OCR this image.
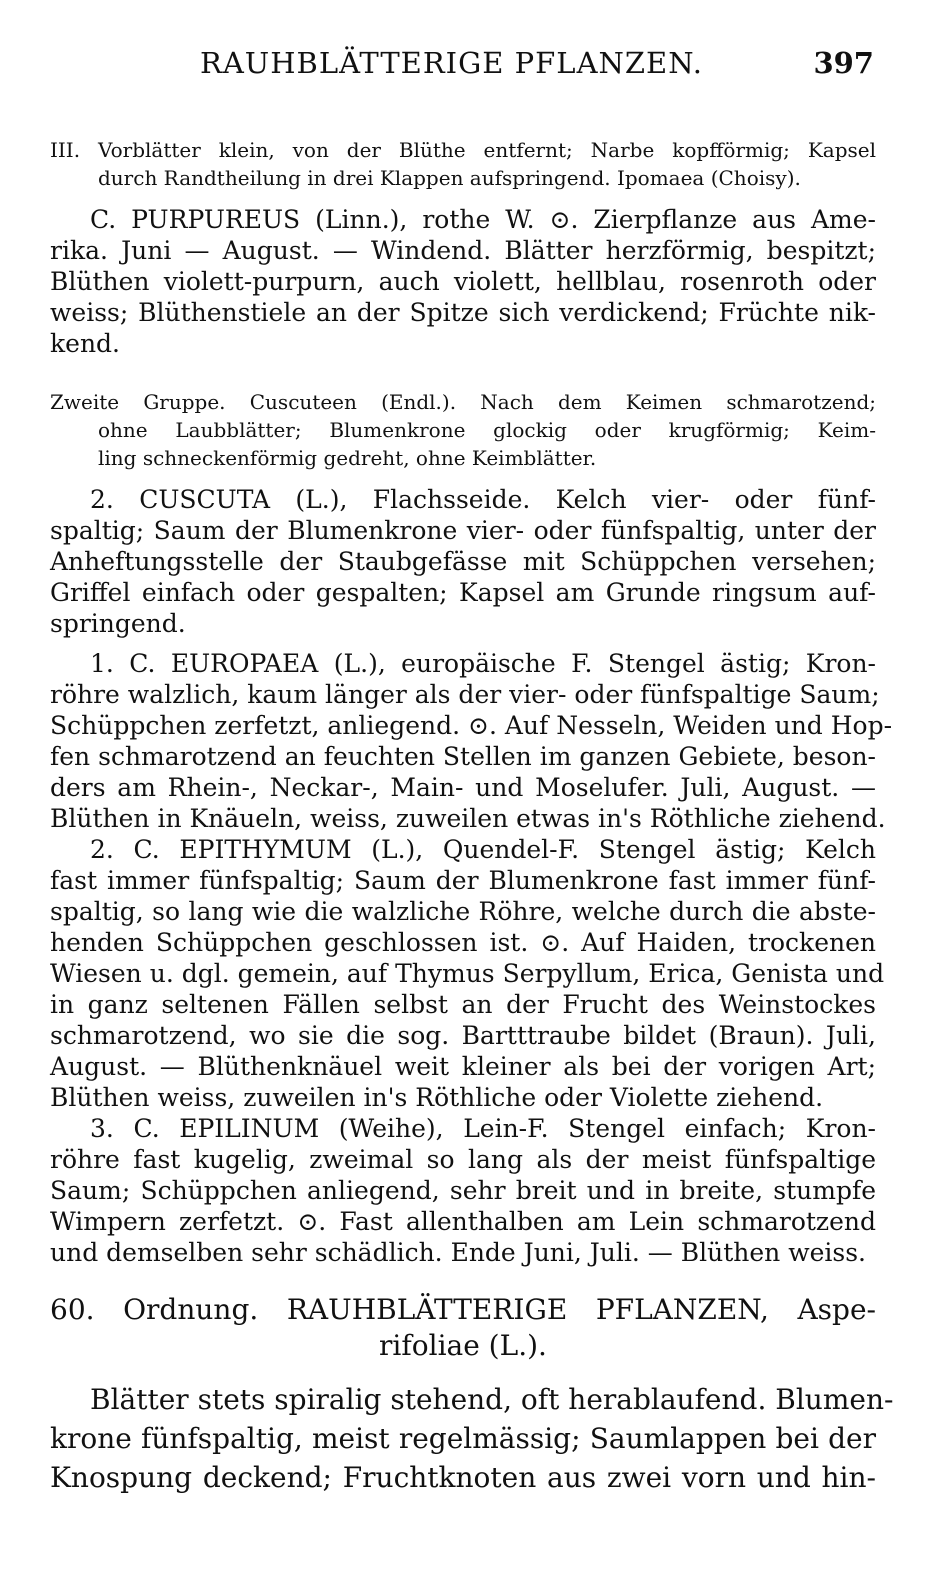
RAUHBLÄTTERIGE PFLANZEN.	397
III. Vorblätter klein, von der Blüthe entfernt; Narbe kopfförmig; Kapsel
durch Randtheilung in drei Klappen aufspringend. Ipomaea (Choisy).
C. PURPUREUS (Linn.), rothe W. ⊙. Zierpflanze aus Ame-
rika. Juni — August. — Windend. Blätter herzförmig, bespitzt;
Blüthen violett-purpurn, auch violett, hellblau, rosenroth oder
weiss; Blüthenstiele an der Spitze sich verdickend; Früchte nik-
kend.
Zweite Gruppe. Cuscuteen (Endl.). Nach dem Keimen schmarotzend;
ohne Laubblätter; Blumenkrone glockig oder krugförmig; Keim-
ling schneckenförmig gedreht, ohne Keimblätter.
2. CUSCUTA (L.), Flachsseide. Kelch vier- oder fünf-
spaltig; Saum der Blumenkrone vier- oder fünfspaltig, unter der
Anheftungsstelle der Staubgefässe mit Schüppchen versehen;
Griffel einfach oder gespalten; Kapsel am Grunde ringsum auf-
springend.
1. C. EUROPAEA (L.), europäische F. Stengel ästig; Kron-
röhre walzlich, kaum länger als der vier- oder fünfspaltige Saum;
Schüppchen zerfetzt, anliegend. ⊙. Auf Nesseln, Weiden und Hop-
fen schmarotzend an feuchten Stellen im ganzen Gebiete, beson-
ders am Rhein-, Neckar-, Main- und Moselufer. Juli, August. —
Blüthen in Knäueln, weiss, zuweilen etwas in's Röthliche ziehend.
2. C. EPITHYMUM (L.), Quendel-F. Stengel ästig; Kelch
fast immer fünfspaltig; Saum der Blumenkrone fast immer fünf-
spaltig, so lang wie die walzliche Röhre, welche durch die abste-
henden Schüppchen geschlossen ist. ⊙. Auf Haiden, trockenen
Wiesen u. dgl. gemein, auf Thymus Serpyllum, Erica, Genista und
in ganz seltenen Fällen selbst an der Frucht des Weinstockes
schmarotzend, wo sie die sog. Bartttraube bildet (Braun). Juli,
August. — Blüthenknäuel weit kleiner als bei der vorigen Art;
Blüthen weiss, zuweilen in's Röthliche oder Violette ziehend.
3. C. EPILINUM (Weihe), Lein-F. Stengel einfach; Kron-
röhre fast kugelig, zweimal so lang als der meist fünfspaltige
Saum; Schüppchen anliegend, sehr breit und in breite, stumpfe
Wimpern zerfetzt. ⊙. Fast allenthalben am Lein schmarotzend
und demselben sehr schädlich. Ende Juni, Juli. — Blüthen weiss.
60. Ordnung. RAUHBLÄTTERIGE PFLANZEN, Aspe-
rifoliae (L.).
Blätter stets spiralig stehend, oft herablaufend. Blumen-
krone fünfspaltig, meist regelmässig; Saumlappen bei der
Knospung deckend; Fruchtknoten aus zwei vorn und hin-
